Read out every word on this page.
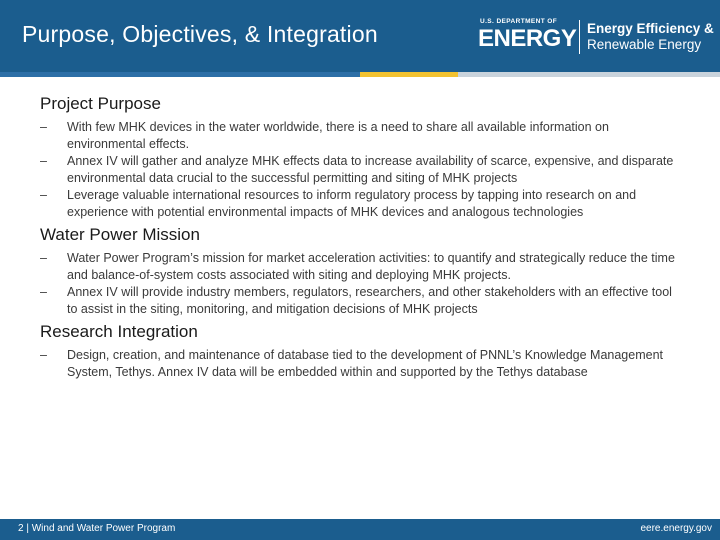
Purpose, Objectives, & Integration	U.S. DEPARTMENT OF
ENERGY Energy Efficiency &
Renewable Energy
Project Purpose
– With few MHK devices in the water worldwide, there is a need to share all available information on environmental effects.
– Annex IV will gather and analyze MHK effects data to increase availability of scarce, expensive, and disparate environmental data crucial to the successful permitting and siting of MHK projects
– Leverage valuable international resources to inform regulatory process by tapping into research on and experience with potential environmental impacts of MHK devices and analogous technologies
Water Power Mission
– Water Power Program’s mission for market acceleration activities: to quantify and strategically reduce the time and balance-of-system costs associated with siting and deploying MHK projects.
– Annex IV will provide industry members, regulators, researchers, and other stakeholders with an effective tool to assist in the siting, monitoring, and mitigation decisions of MHK projects
Research Integration
– Design, creation, and maintenance of database tied to the development of PNNL’s Knowledge Management System, Tethys. Annex IV data will be embedded within and supported by the Tethys database
2 | Wind and Water Power Program	eere.energy.gov
